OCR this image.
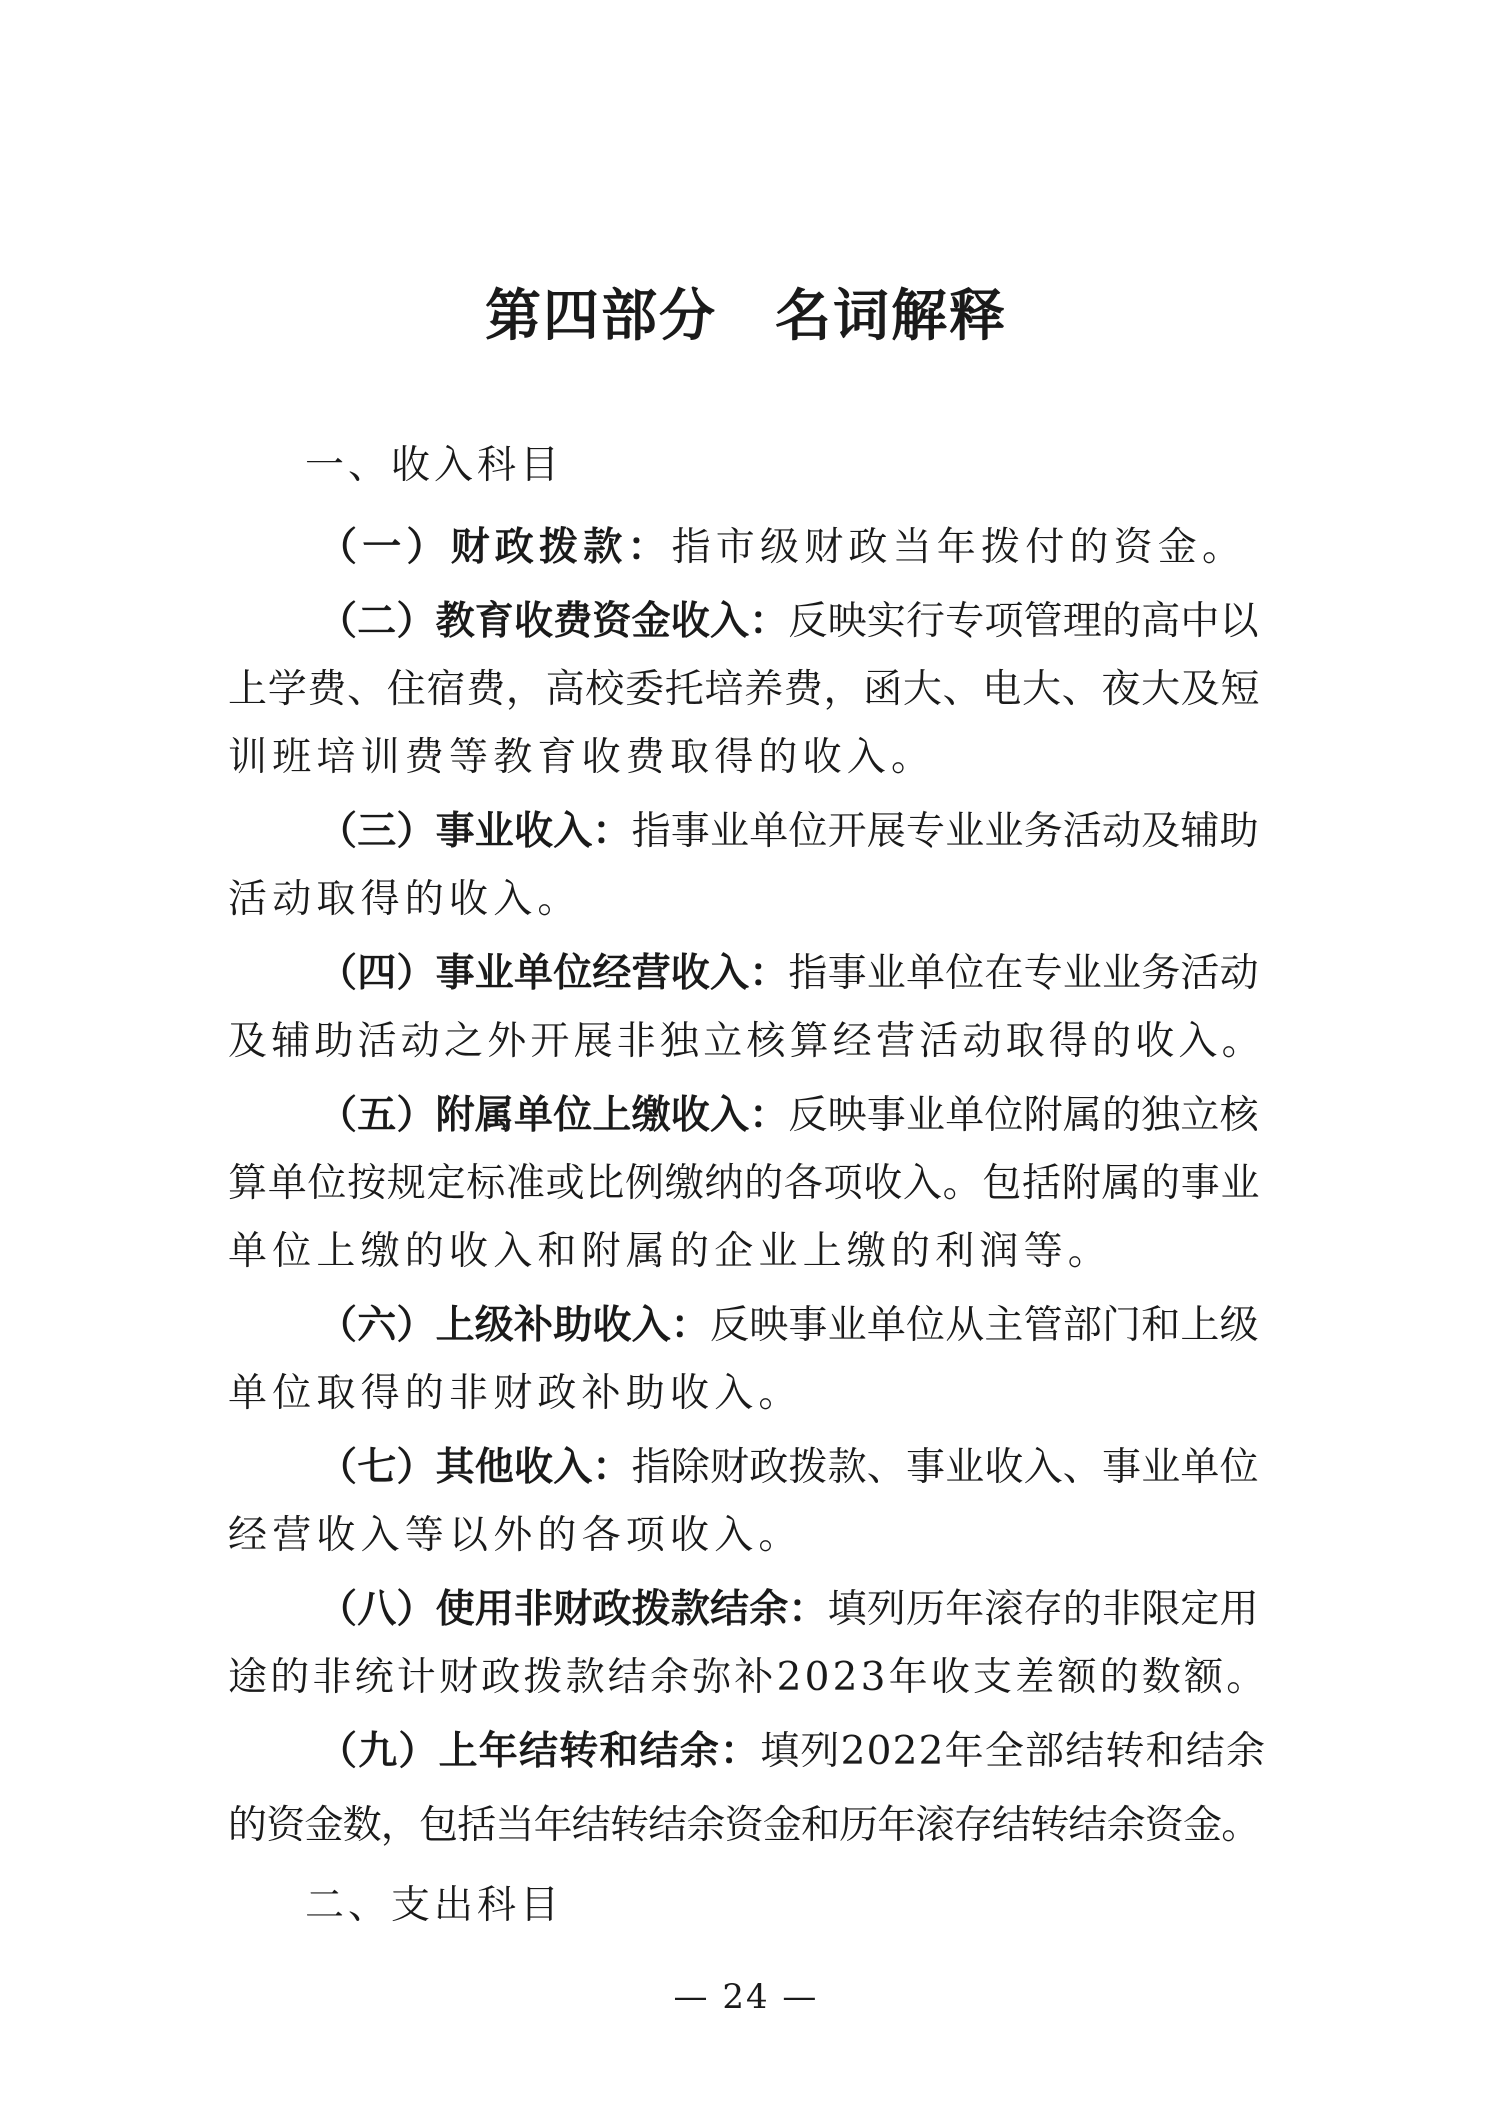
第四部分　名词解释
一、收入科目
（一）财政拨款：指市级财政当年拨付的资金。
（二）教育收费资金收入：反映实行专项管理的高中以
上学费、住宿费，高校委托培养费，函大、电大、夜大及短
训班培训费等教育收费取得的收入。
（三）事业收入：指事业单位开展专业业务活动及辅助
活动取得的收入。
（四）事业单位经营收入：指事业单位在专业业务活动
及辅助活动之外开展非独立核算经营活动取得的收入。
（五）附属单位上缴收入：反映事业单位附属的独立核
算单位按规定标准或比例缴纳的各项收入。包括附属的事业
单位上缴的收入和附属的企业上缴的利润等。
（六）上级补助收入：反映事业单位从主管部门和上级
单位取得的非财政补助收入。
（七）其他收入：指除财政拨款、事业收入、事业单位
经营收入等以外的各项收入。
（八）使用非财政拨款结余：填列历年滚存的非限定用
途的非统计财政拨款结余弥补2023年收支差额的数额。
（九）上年结转和结余：填列2022年全部结转和结余
的资金数，包括当年结转结余资金和历年滚存结转结余资金。
二、支出科目
— 24 —
